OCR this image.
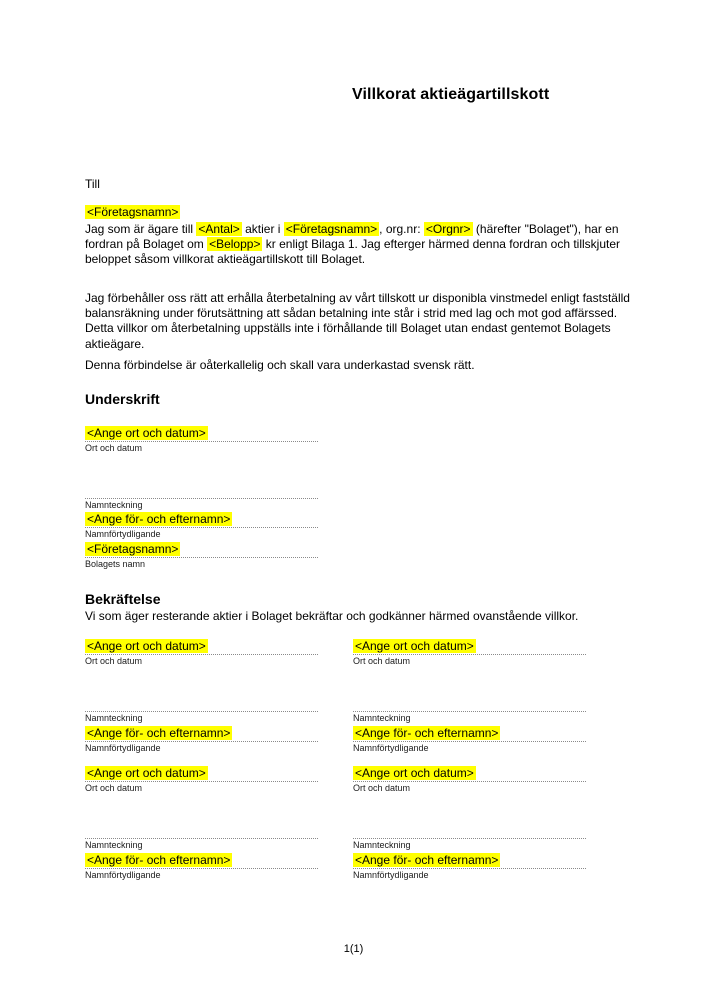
Villkorat aktieägartillskott
Till
<Företagsnamn>

Jag som är ägare till <Antal> aktier i <Företagsnamn> , org.nr: <Orgnr> (härefter "Bolaget"), har en fordran på Bolaget om <Belopp> kr enligt Bilaga 1. Jag efterger härmed denna fordran och tillskjuter beloppet såsom villkorat aktieägartillskott till Bolaget.

Jag förbehåller oss rätt att erhålla återbetalning av vårt tillskott ur disponibla vinstmedel enligt fastställd balansräkning under förutsättning att sådan betalning inte står i strid med lag och mot god affärssed. Detta villkor om återbetalning uppställs inte i förhållande till Bolaget utan endast gentemot Bolagets aktieägare.

Denna förbindelse är oåterkallelig och skall vara underkastad svensk rätt.

Underskrift
<Ange ort och datum>
Ort och datum
Namnteckning
<Ange för- och efternamn>
Namnförtydligande
<Företagsnamn>
Bolagets namn
Bekräftelse

Vi som äger resterande aktier i Bolaget bekräftar och godkänner härmed ovanstående villkor.

<Ange ort och datum>
Ort och datum
Namnteckning
<Ange för- och efternamn>
Namnförtydligande
<Ange ort och datum>
Ort och datum
Namnteckning
<Ange för- och efternamn>
Namnförtydligande
<Ange ort och datum>
Ort och datum
Namnteckning
<Ange för- och efternamn>
Namnförtydligande
<Ange ort och datum>
Ort och datum
Namnteckning
<Ange för- och efternamn>
Namnförtydligande
1(1)
